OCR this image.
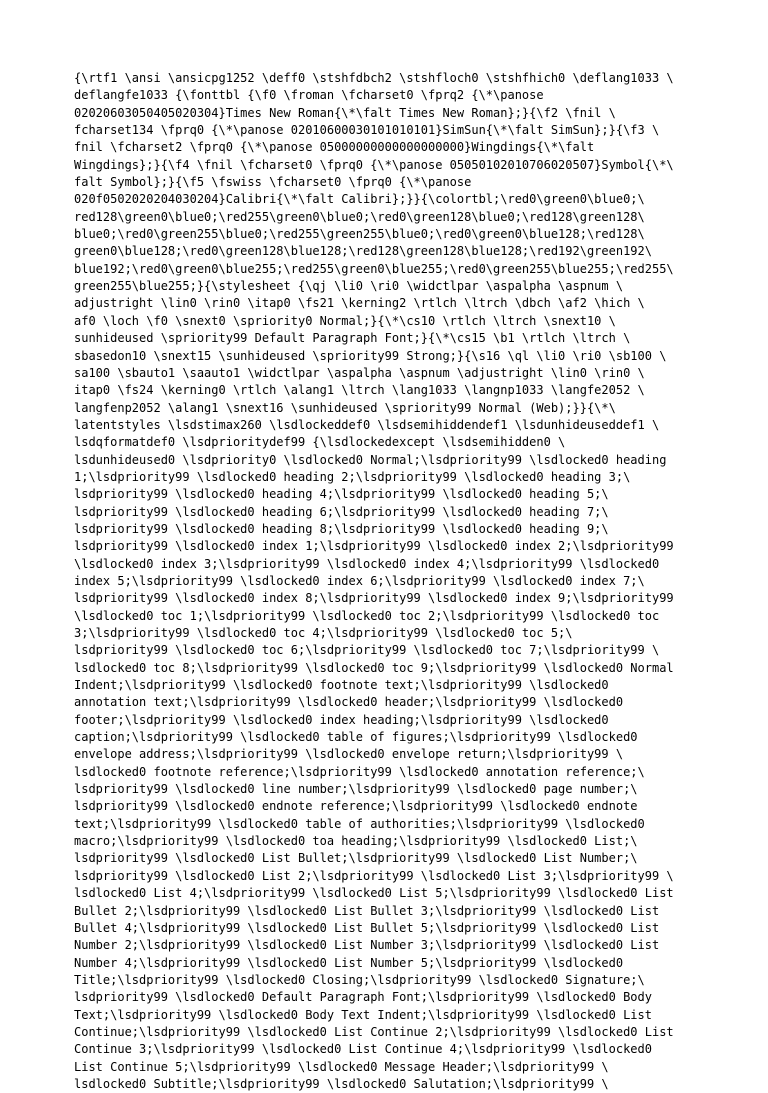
{\rtf1 \ansi \ansicpg1252 \deff0 \stshfdbch2 \stshfloch0 \stshfhich0 \deflang1033 \
deflangfe1033 {\fonttbl {\f0 \froman \fcharset0 \fprq2 {\*\panose
02020603050405020304}Times New Roman{\*\falt Times New Roman};}{\f2 \fnil \
fcharset134 \fprq0 {\*\panose 02010600030101010101}SimSun{\*\falt SimSun};}{\f3 \
fnil \fcharset2 \fprq0 {\*\panose 05000000000000000000}Wingdings{\*\falt
Wingdings};}{\f4 \fnil \fcharset0 \fprq0 {\*\panose 05050102010706020507}Symbol{\*\
falt Symbol};}{\f5 \fswiss \fcharset0 \fprq0 {\*\panose
020f0502020204030204}Calibri{\*\falt Calibri};}}{\colortbl;\red0\green0\blue0;\
red128\green0\blue0;\red255\green0\blue0;\red0\green128\blue0;\red128\green128\
blue0;\red0\green255\blue0;\red255\green255\blue0;\red0\green0\blue128;\red128\
green0\blue128;\red0\green128\blue128;\red128\green128\blue128;\red192\green192\
blue192;\red0\green0\blue255;\red255\green0\blue255;\red0\green255\blue255;\red255\
green255\blue255;}{\stylesheet {\qj \li0 \ri0 \widctlpar \aspalpha \aspnum \
adjustright \lin0 \rin0 \itap0 \fs21 \kerning2 \rtlch \ltrch \dbch \af2 \hich \
af0 \loch \f0 \snext0 \spriority0 Normal;}{\*\cs10 \rtlch \ltrch \snext10 \
sunhideused \spriority99 Default Paragraph Font;}{\*\cs15 \b1 \rtlch \ltrch \
sbasedon10 \snext15 \sunhideused \spriority99 Strong;}{\s16 \ql \li0 \ri0 \sb100 \
sa100 \sbauto1 \saauto1 \widctlpar \aspalpha \aspnum \adjustright \lin0 \rin0 \
itap0 \fs24 \kerning0 \rtlch \alang1 \ltrch \lang1033 \langnp1033 \langfe2052 \
langfenp2052 \alang1 \snext16 \sunhideused \spriority99 Normal (Web);}}{\*\
latentstyles \lsdstimax260 \lsdlockeddef0 \lsdsemihiddendef1 \lsdunhideuseddef1 \
lsdqformatdef0 \lsdprioritydef99 {\lsdlockedexcept \lsdsemihidden0 \
lsdunhideused0 \lsdpriority0 \lsdlocked0 Normal;\lsdpriority99 \lsdlocked0 heading
1;\lsdpriority99 \lsdlocked0 heading 2;\lsdpriority99 \lsdlocked0 heading 3;\
lsdpriority99 \lsdlocked0 heading 4;\lsdpriority99 \lsdlocked0 heading 5;\
lsdpriority99 \lsdlocked0 heading 6;\lsdpriority99 \lsdlocked0 heading 7;\
lsdpriority99 \lsdlocked0 heading 8;\lsdpriority99 \lsdlocked0 heading 9;\
lsdpriority99 \lsdlocked0 index 1;\lsdpriority99 \lsdlocked0 index 2;\lsdpriority99
\lsdlocked0 index 3;\lsdpriority99 \lsdlocked0 index 4;\lsdpriority99 \lsdlocked0
index 5;\lsdpriority99 \lsdlocked0 index 6;\lsdpriority99 \lsdlocked0 index 7;\
lsdpriority99 \lsdlocked0 index 8;\lsdpriority99 \lsdlocked0 index 9;\lsdpriority99
\lsdlocked0 toc 1;\lsdpriority99 \lsdlocked0 toc 2;\lsdpriority99 \lsdlocked0 toc
3;\lsdpriority99 \lsdlocked0 toc 4;\lsdpriority99 \lsdlocked0 toc 5;\
lsdpriority99 \lsdlocked0 toc 6;\lsdpriority99 \lsdlocked0 toc 7;\lsdpriority99 \
lsdlocked0 toc 8;\lsdpriority99 \lsdlocked0 toc 9;\lsdpriority99 \lsdlocked0 Normal
Indent;\lsdpriority99 \lsdlocked0 footnote text;\lsdpriority99 \lsdlocked0
annotation text;\lsdpriority99 \lsdlocked0 header;\lsdpriority99 \lsdlocked0
footer;\lsdpriority99 \lsdlocked0 index heading;\lsdpriority99 \lsdlocked0
caption;\lsdpriority99 \lsdlocked0 table of figures;\lsdpriority99 \lsdlocked0
envelope address;\lsdpriority99 \lsdlocked0 envelope return;\lsdpriority99 \
lsdlocked0 footnote reference;\lsdpriority99 \lsdlocked0 annotation reference;\
lsdpriority99 \lsdlocked0 line number;\lsdpriority99 \lsdlocked0 page number;\
lsdpriority99 \lsdlocked0 endnote reference;\lsdpriority99 \lsdlocked0 endnote
text;\lsdpriority99 \lsdlocked0 table of authorities;\lsdpriority99 \lsdlocked0
macro;\lsdpriority99 \lsdlocked0 toa heading;\lsdpriority99 \lsdlocked0 List;\
lsdpriority99 \lsdlocked0 List Bullet;\lsdpriority99 \lsdlocked0 List Number;\
lsdpriority99 \lsdlocked0 List 2;\lsdpriority99 \lsdlocked0 List 3;\lsdpriority99 \
lsdlocked0 List 4;\lsdpriority99 \lsdlocked0 List 5;\lsdpriority99 \lsdlocked0 List
Bullet 2;\lsdpriority99 \lsdlocked0 List Bullet 3;\lsdpriority99 \lsdlocked0 List
Bullet 4;\lsdpriority99 \lsdlocked0 List Bullet 5;\lsdpriority99 \lsdlocked0 List
Number 2;\lsdpriority99 \lsdlocked0 List Number 3;\lsdpriority99 \lsdlocked0 List
Number 4;\lsdpriority99 \lsdlocked0 List Number 5;\lsdpriority99 \lsdlocked0
Title;\lsdpriority99 \lsdlocked0 Closing;\lsdpriority99 \lsdlocked0 Signature;\
lsdpriority99 \lsdlocked0 Default Paragraph Font;\lsdpriority99 \lsdlocked0 Body
Text;\lsdpriority99 \lsdlocked0 Body Text Indent;\lsdpriority99 \lsdlocked0 List
Continue;\lsdpriority99 \lsdlocked0 List Continue 2;\lsdpriority99 \lsdlocked0 List
Continue 3;\lsdpriority99 \lsdlocked0 List Continue 4;\lsdpriority99 \lsdlocked0
List Continue 5;\lsdpriority99 \lsdlocked0 Message Header;\lsdpriority99 \
lsdlocked0 Subtitle;\lsdpriority99 \lsdlocked0 Salutation;\lsdpriority99 \
